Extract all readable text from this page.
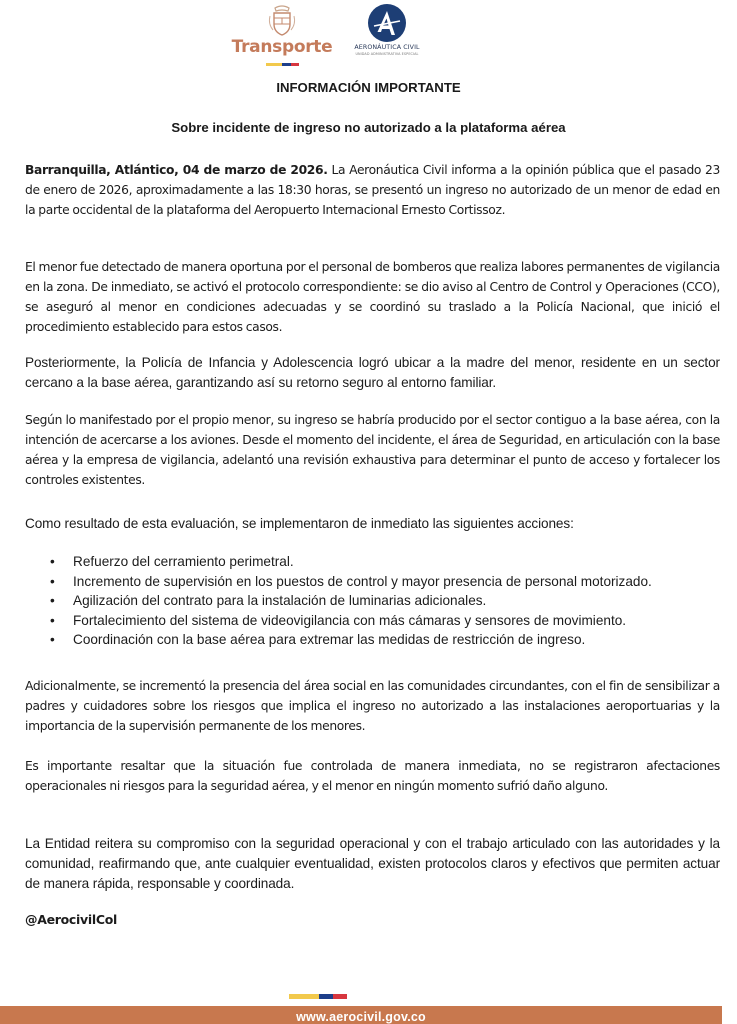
Transporte	AERONÁUTICA CIVIL
UNIDAD ADMINISTRATIVA ESPECIAL
INFORMACIÓN IMPORTANTE
Sobre incidente de ingreso no autorizado a la plataforma aérea

Barranquilla, Atlántico, 04 de marzo de 2026. La Aeronáutica Civil informa a la opinión pública que el pasado 23 de enero de 2026, aproximadamente a las 18:30 horas, se presentó un ingreso no autorizado de un menor de edad en la parte occidental de la plataforma del Aeropuerto Internacional Ernesto Cortissoz.

El menor fue detectado de manera oportuna por el personal de bomberos que realiza labores permanentes de vigilancia en la zona. De inmediato, se activó el protocolo correspondiente: se dio aviso al Centro de Control y Operaciones (CCO), se aseguró al menor en condiciones adecuadas y se coordinó su traslado a la Policía Nacional, que inició el procedimiento establecido para estos casos.

Posteriormente, la Policía de Infancia y Adolescencia logró ubicar a la madre del menor, residente en un sector cercano a la base aérea, garantizando así su retorno seguro al entorno familiar.

Según lo manifestado por el propio menor, su ingreso se habría producido por el sector contiguo a la base aérea, con la intención de acercarse a los aviones. Desde el momento del incidente, el área de Seguridad, en articulación con la base aérea y la empresa de vigilancia, adelantó una revisión exhaustiva para determinar el punto de acceso y fortalecer los controles existentes.

Como resultado de esta evaluación, se implementaron de inmediato las siguientes acciones:

• Refuerzo del cerramiento perimetral.
• Incremento de supervisión en los puestos de control y mayor presencia de personal motorizado.
• Agilización del contrato para la instalación de luminarias adicionales.
• Fortalecimiento del sistema de videovigilancia con más cámaras y sensores de movimiento.
• Coordinación con la base aérea para extremar las medidas de restricción de ingreso.

Adicionalmente, se incrementó la presencia del área social en las comunidades circundantes, con el fin de sensibilizar a padres y cuidadores sobre los riesgos que implica el ingreso no autorizado a las instalaciones aeroportuarias y la importancia de la supervisión permanente de los menores.

Es importante resaltar que la situación fue controlada de manera inmediata, no se registraron afectaciones operacionales ni riesgos para la seguridad aérea, y el menor en ningún momento sufrió daño alguno.

La Entidad reitera su compromiso con la seguridad operacional y con el trabajo articulado con las autoridades y la comunidad, reafirmando que, ante cualquier eventualidad, existen protocolos claros y efectivos que permiten actuar de manera rápida, responsable y coordinada.

@AerocivilCol
www.aerocivil.gov.co
